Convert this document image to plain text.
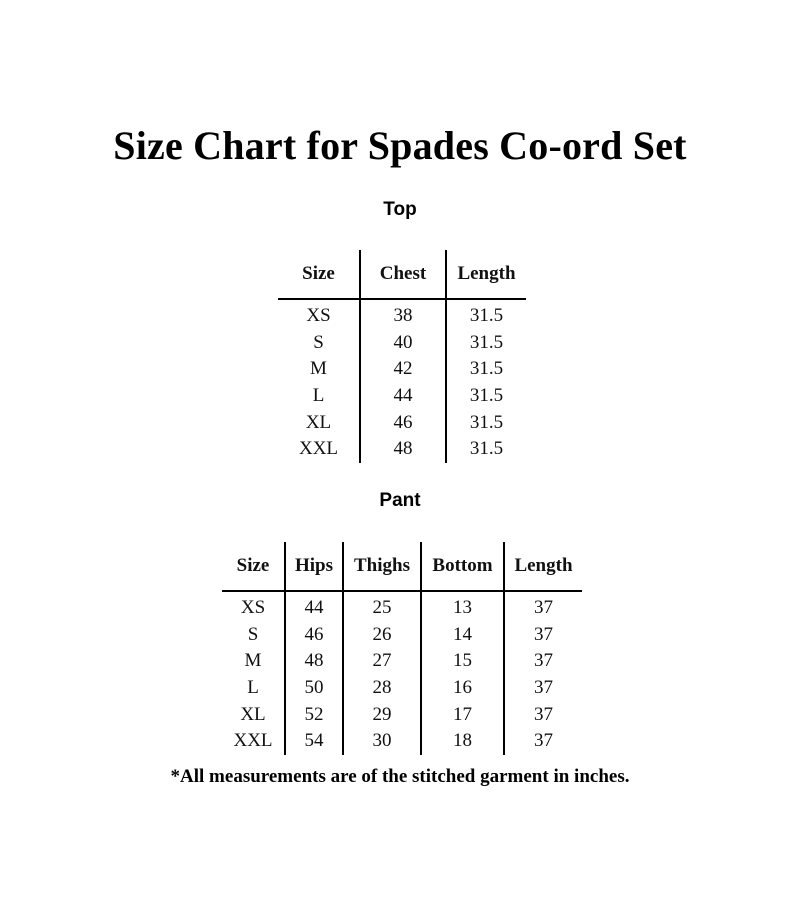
Size Chart for Spades Co-ord Set
Top
Size	Chest	Length
XS	38	31.5
S	40	31.5
M	42	31.5
L	44	31.5
XL	46	31.5
XXL	48	31.5
Pant
Size	Hips	Thighs	Bottom	Length
XS	44	25	13	37
S	46	26	14	37
M	48	27	15	37
L	50	28	16	37
XL	52	29	17	37
XXL	54	30	18	37
*All measurements are of the stitched garment in inches.
